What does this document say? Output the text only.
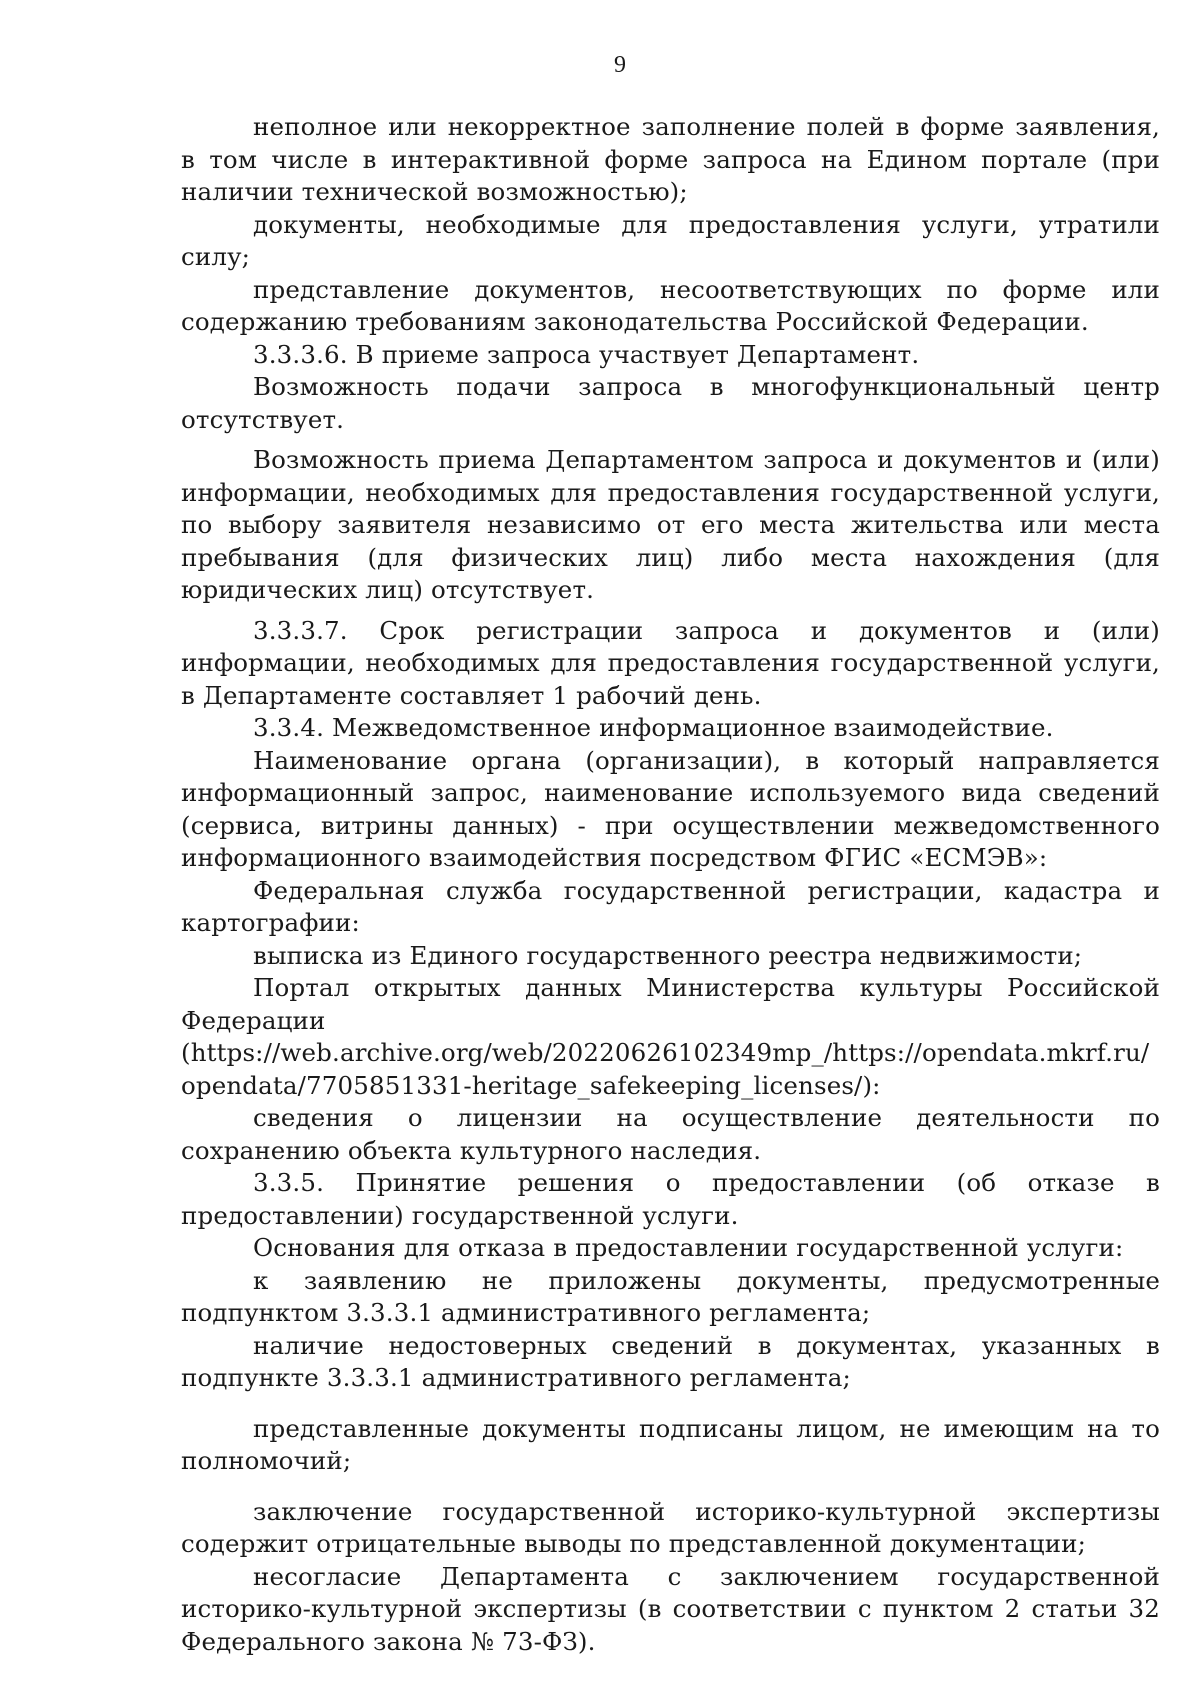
9

неполное или некорректное заполнение полей в форме заявления, в том числе в интерактивной форме запроса на Едином портале (при наличии технической возможностью);

документы, необходимые для предоставления услуги, утратили силу;

представление документов, несоответствующих по форме или содержанию требованиям законодательства Российской Федерации.

3.3.3.6. В приеме запроса участвует Департамент.

Возможность подачи запроса в многофункциональный центр отсутствует.

Возможность приема Департаментом запроса и документов и (или) информации, необходимых для предоставления государственной услуги, по выбору заявителя независимо от его места жительства или места пребывания (для физических лиц) либо места нахождения (для юридических лиц) отсутствует.

3.3.3.7. Срок регистрации запроса и документов и (или) информации, необходимых для предоставления государственной услуги, в Департаменте составляет 1 рабочий день.

3.3.4. Межведомственное информационное взаимодействие.

Наименование органа (организации), в который направляется информационный запрос, наименование используемого вида сведений (сервиса, витрины данных) - при осуществлении межведомственного информационного взаимодействия посредством ФГИС «ЕСМЭВ»:

Федеральная служба государственной регистрации, кадастра и картографии:

выписка из Единого государственного реестра недвижимости;

Портал открытых данных Министерства культуры Российской Федерации (https://web.archive.org/web/20220626102349mp_/https://opendata.mkrf.ru/ opendata/7705851331-heritage_safekeeping_licenses/):

сведения о лицензии на осуществление деятельности по сохранению объекта культурного наследия.

3.3.5. Принятие решения о предоставлении (об отказе в предоставлении) государственной услуги.

Основания для отказа в предоставлении государственной услуги:

к заявлению не приложены документы, предусмотренные подпунктом 3.3.3.1 административного регламента;

наличие недостоверных сведений в документах, указанных в подпункте 3.3.3.1 административного регламента;

представленные документы подписаны лицом, не имеющим на то полномочий;

заключение государственной историко-культурной экспертизы содержит отрицательные выводы по представленной документации;

несогласие Департамента с заключением государственной историко-культурной экспертизы (в соответствии с пунктом 2 статьи 32 Федерального закона № 73-ФЗ).
